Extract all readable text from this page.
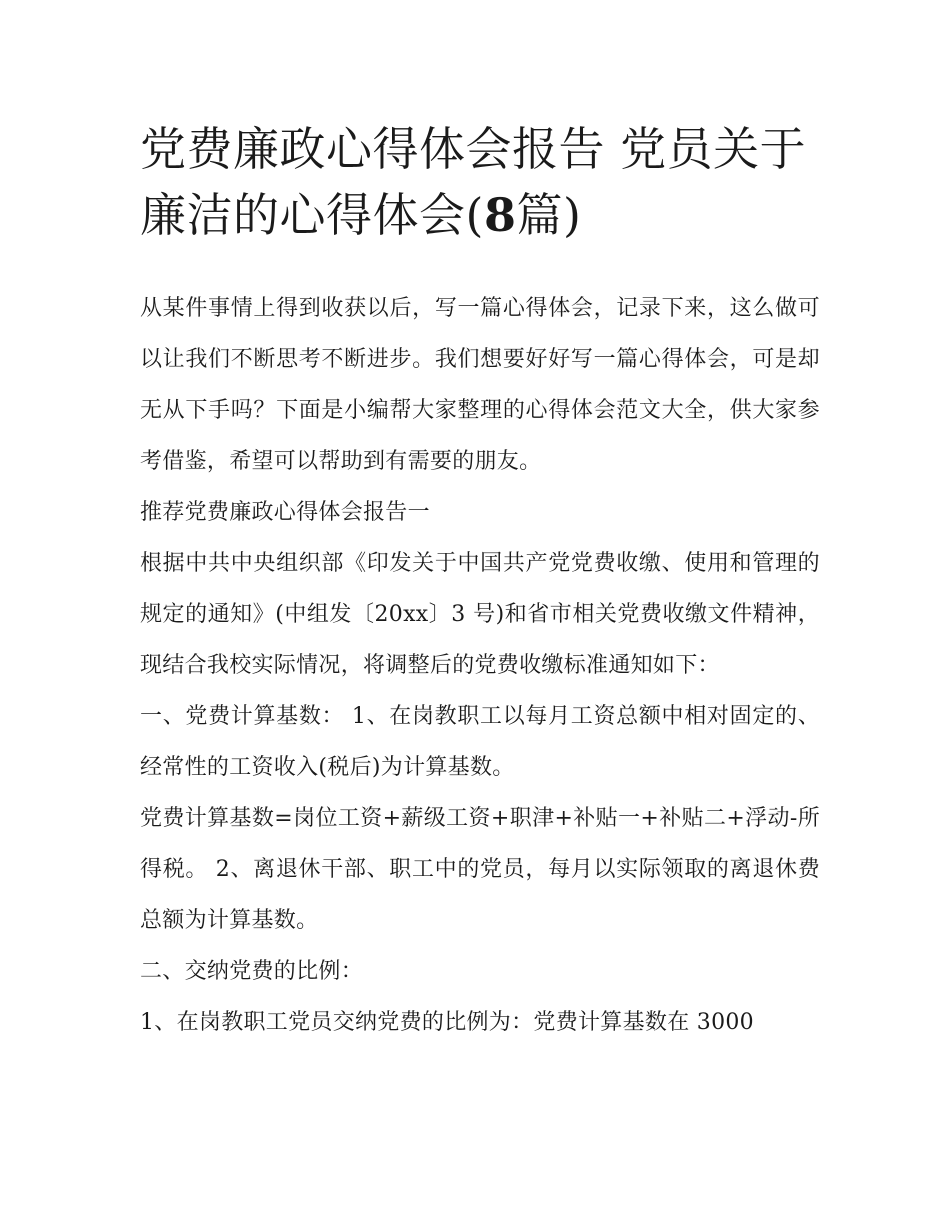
党费廉政心得体会报告 党员关于廉洁的心得体会(8篇)

从某件事情上得到收获以后，写一篇心得体会，记录下来，这么做可以让我们不断思考不断进步。我们想要好好写一篇心得体会，可是却无从下手吗？下面是小编帮大家整理的心得体会范文大全，供大家参考借鉴，希望可以帮助到有需要的朋友。

推荐党费廉政心得体会报告一

根据中共中央组织部《印发关于中国共产党党费收缴、使用和管理的规定的通知》(中组发〔20xx〕3 号)和省市相关党费收缴文件精神，现结合我校实际情况，将调整后的党费收缴标准通知如下：

一、党费计算基数： 1、在岗教职工以每月工资总额中相对固定的、经常性的工资收入(税后)为计算基数。

党费计算基数=岗位工资+薪级工资+职津+补贴一+补贴二+浮动-所得税。 2、离退休干部、职工中的党员，每月以实际领取的离退休费总额为计算基数。

二、交纳党费的比例：

1、在岗教职工党员交纳党费的比例为：党费计算基数在 3000
